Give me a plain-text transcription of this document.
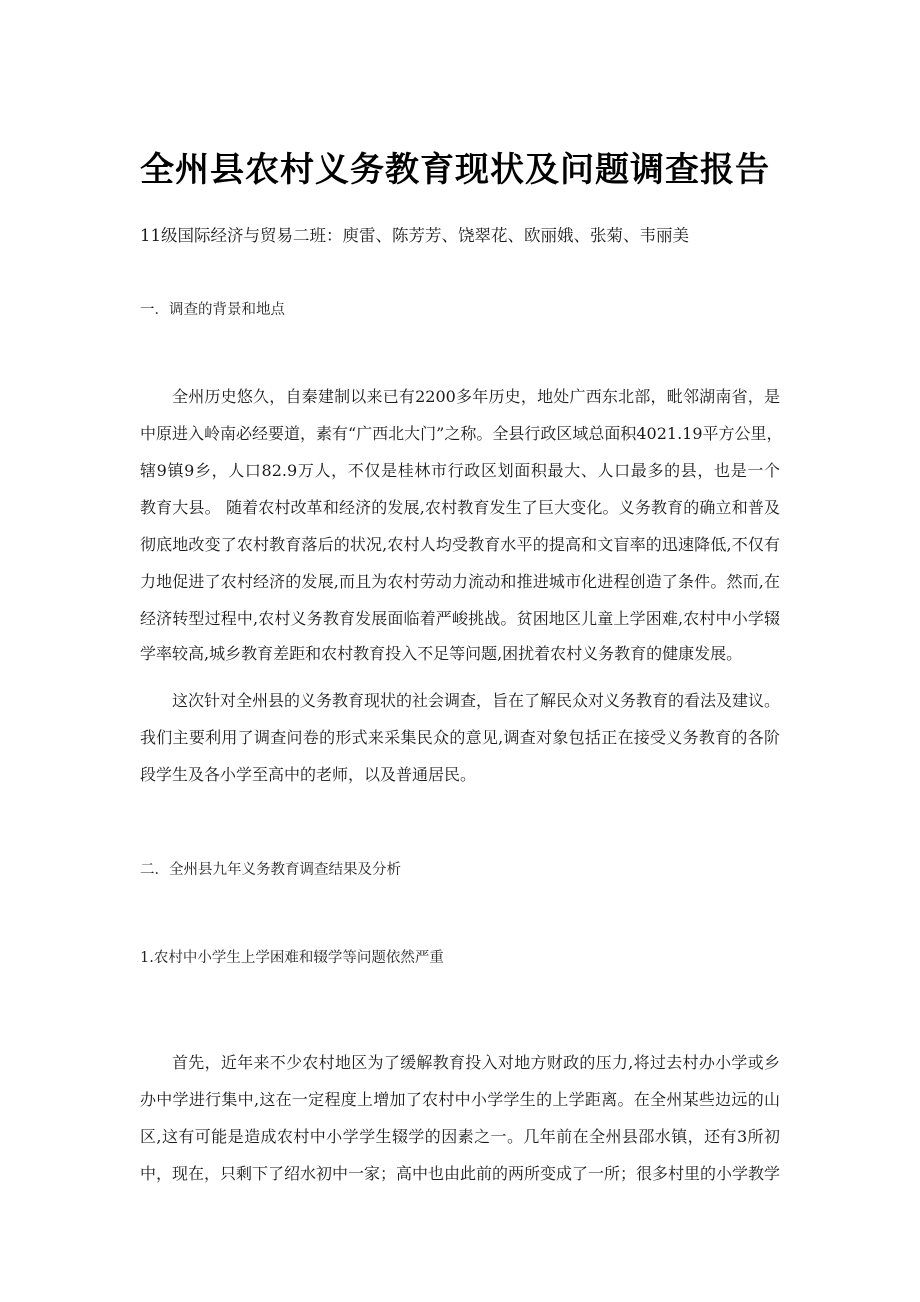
全州县农村义务教育现状及问题调查报告
11级国际经济与贸易二班：庾雷、陈芳芳、饶翠花、欧丽娥、张菊、韦丽美
一．调查的背景和地点
全州历史悠久，自秦建制以来已有2200多年历史，地处广西东北部，毗邻湖南省，是
中原进入岭南必经要道，素有“广西北大门”之称。全县行政区域总面积4021.19平方公里，
辖9镇9乡，人口82.9万人，不仅是桂林市行政区划面积最大、人口最多的县，也是一个
教育大县。 随着农村改革和经济的发展,农村教育发生了巨大变化。义务教育的确立和普及
彻底地改变了农村教育落后的状况,农村人均受教育水平的提高和文盲率的迅速降低,不仅有
力地促进了农村经济的发展,而且为农村劳动力流动和推进城市化进程创造了条件。然而,在
经济转型过程中,农村义务教育发展面临着严峻挑战。贫困地区儿童上学困难,农村中小学辍
学率较高,城乡教育差距和农村教育投入不足等问题,困扰着农村义务教育的健康发展。
这次针对全州县的义务教育现状的社会调查，旨在了解民众对义务教育的看法及建议。
我们主要利用了调查问卷的形式来采集民众的意见,调查对象包括正在接受义务教育的各阶
段学生及各小学至高中的老师，以及普通居民。
二．全州县九年义务教育调查结果及分析
1.农村中小学生上学困难和辍学等问题依然严重
首先，近年来不少农村地区为了缓解教育投入对地方财政的压力,将过去村办小学或乡
办中学进行集中,这在一定程度上增加了农村中小学学生的上学距离。在全州某些边远的山
区,这有可能是造成农村中小学学生辍学的因素之一。几年前在全州县邵水镇，还有3所初
中，现在，只剩下了绍水初中一家；高中也由此前的两所变成了一所；很多村里的小学教学
